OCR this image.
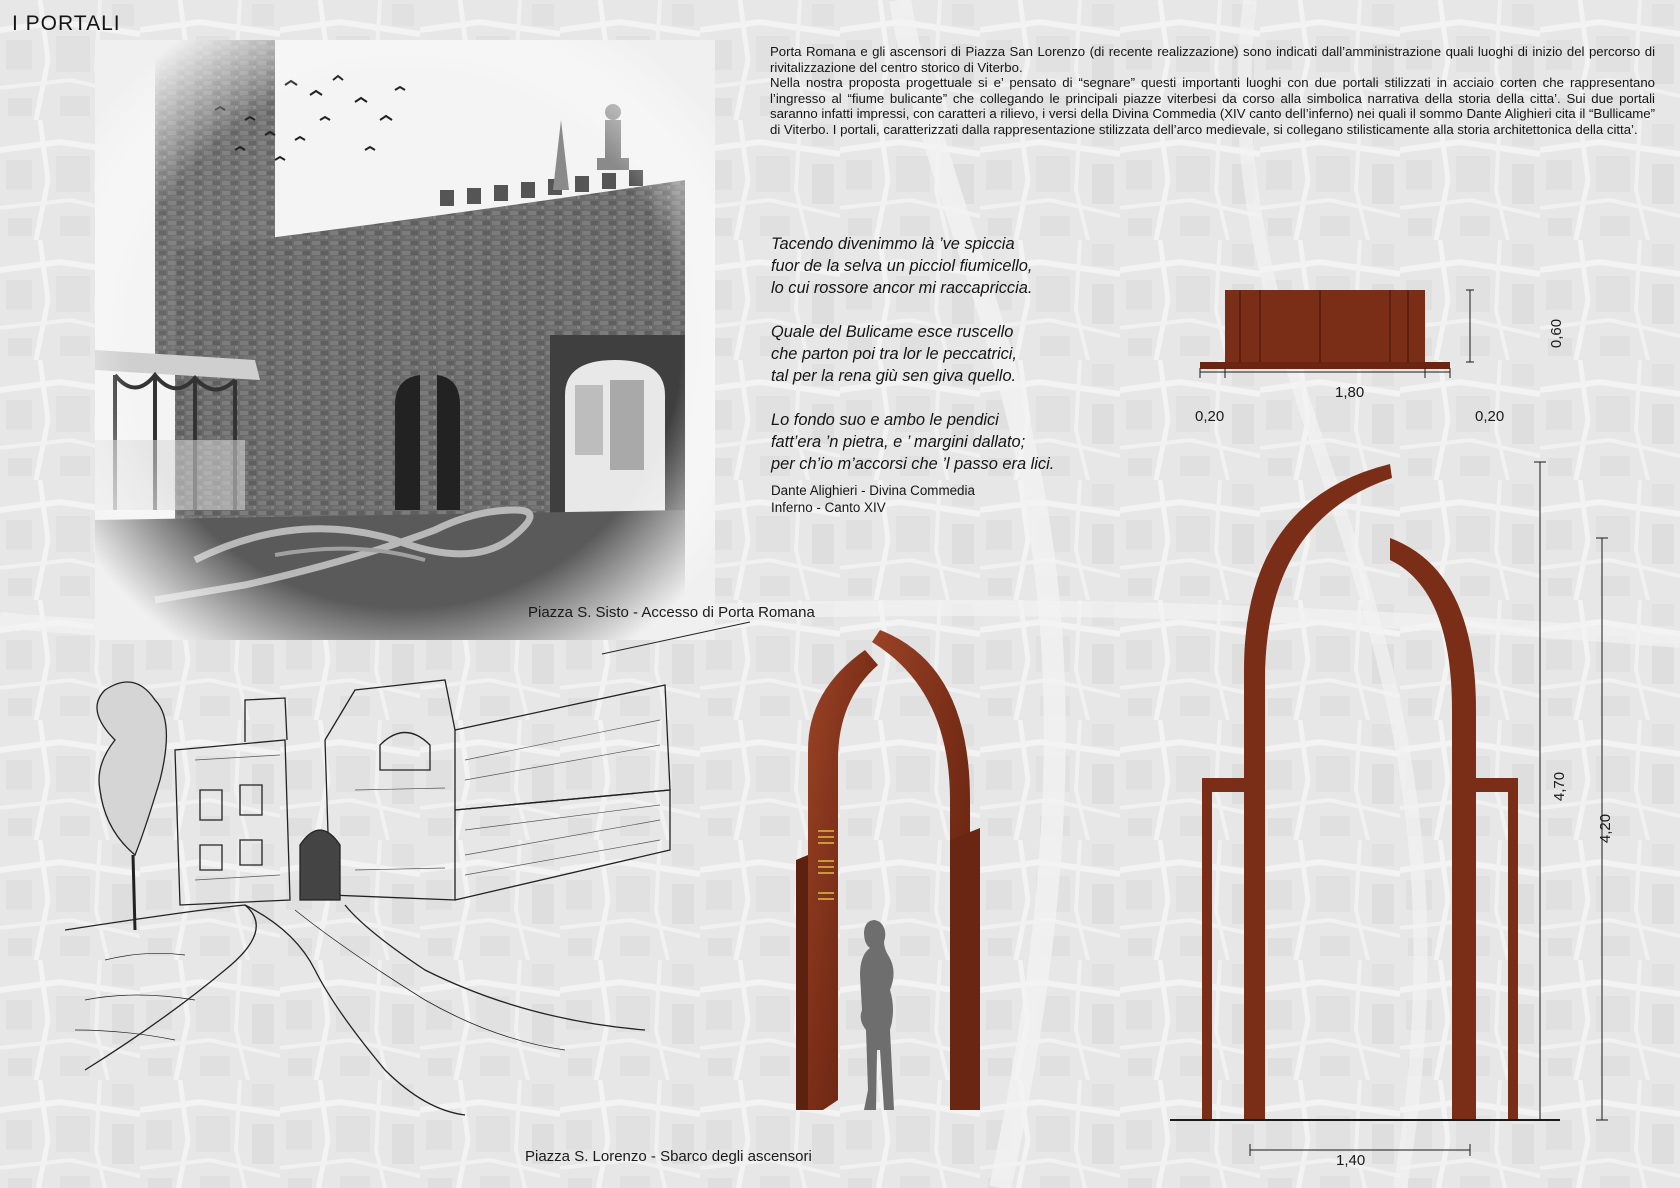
I PORTALI

Porta Romana e gli ascensori di Piazza San Lorenzo (di recente realizzazione) sono indicati dall’amministrazione quali luoghi di inizio del percorso di rivitalizzazione del centro storico di Viterbo.

Nella nostra proposta progettuale si e’ pensato di “segnare” questi importanti luoghi con due portali stilizzati in acciaio corten che rappresentano l’ingresso al “fiume bulicante” che collegando le principali piazze viterbesi da corso alla simbolica narrativa della storia della citta’. Sui due portali saranno infatti impressi, con caratteri a rilievo, i versi della Divina Commedia (XIV canto dell’inferno) nei quali il sommo Dante Alighieri cita il “Bullicame” di Viterbo. I portali, caratterizzati dalla rappresentazione stilizzata dell’arco medievale, si collegano stilisticamente alla storia architettonica della citta’.

Tacendo divenimmo là ’ve spiccia
fuor de la selva un picciol fiumicello,
lo cui rossore ancor mi raccapriccia.
Quale del Bulicame esce ruscello
che parton poi tra lor le peccatrici,
tal per la rena giù sen giva quello.
Lo fondo suo e ambo le pendici
fatt’era ’n pietra, e ’ margini dallato;
per ch’io m’accorsi che ’l passo era lici.
Dante Alighieri - Divina Commedia
Inferno - Canto XIV
Piazza S. Sisto - Accesso di Porta Romana
Piazza S. Lorenzo - Sbarco degli ascensori
1,80
0,20	0,20
0,60
4,70
4,20
1,40
